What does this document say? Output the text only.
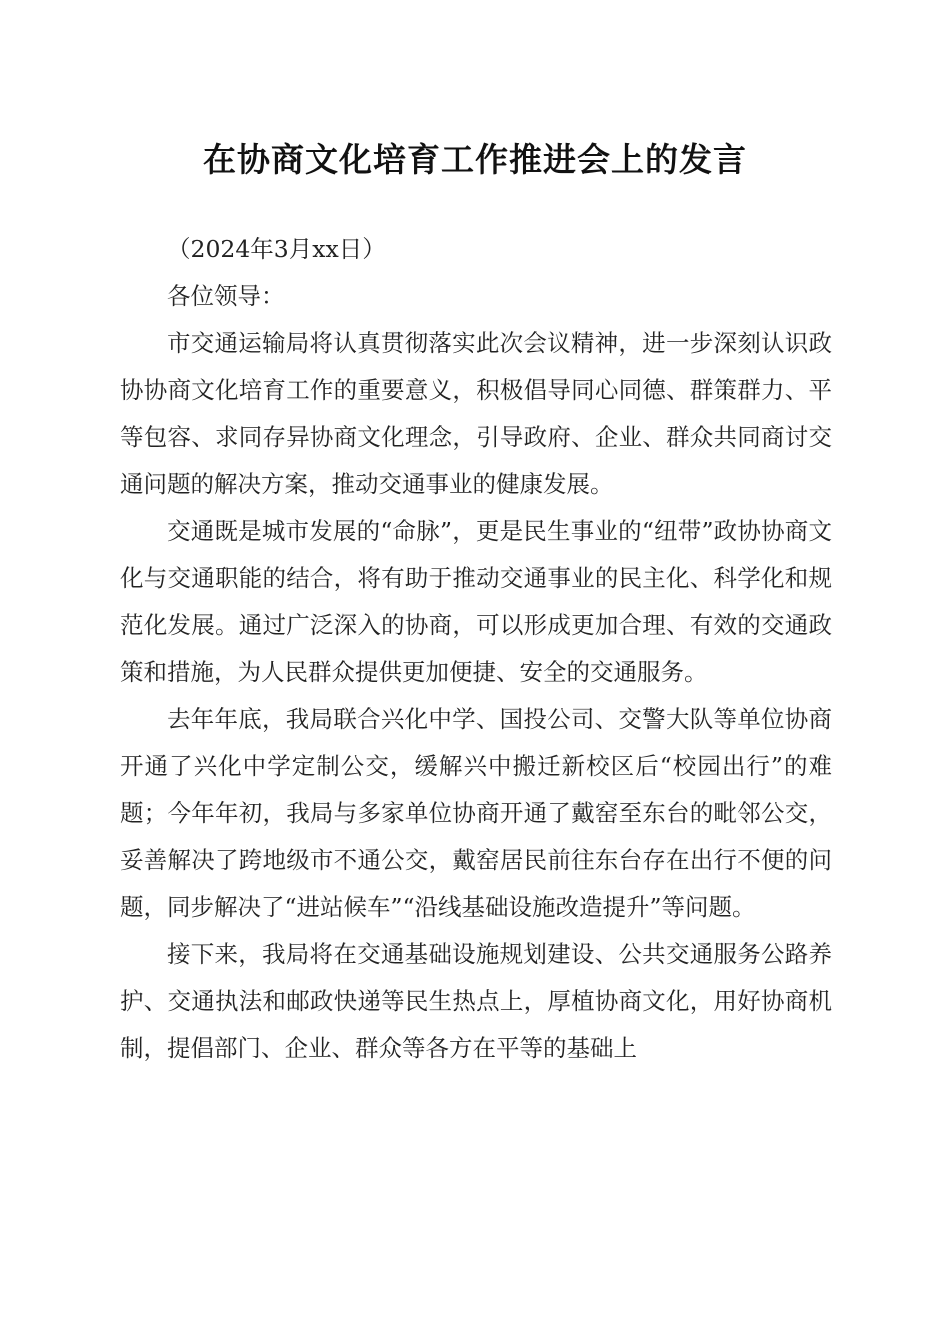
在协商文化培育工作推进会上的发言

（2024年3月xx日）

各位领导：

市交通运输局将认真贯彻落实此次会议精神，进一步深刻认识政协协商文化培育工作的重要意义，积极倡导同心同德、群策群力、平等包容、求同存异协商文化理念，引导政府、企业、群众共同商讨交通问题的解决方案，推动交通事业的健康发展。

交通既是城市发展的“命脉”，更是民生事业的“纽带”政协协商文化与交通职能的结合，将有助于推动交通事业的民主化、科学化和规范化发展。通过广泛深入的协商，可以形成更加合理、有效的交通政策和措施，为人民群众提供更加便捷、安全的交通服务。

去年年底，我局联合兴化中学、国投公司、交警大队等单位协商开通了兴化中学定制公交，缓解兴中搬迁新校区后“校园出行”的难题；今年年初，我局与多家单位协商开通了戴窑至东台的毗邻公交，妥善解决了跨地级市不通公交，戴窑居民前往东台存在出行不便的问题，同步解决了“进站候车”“沿线基础设施改造提升”等问题。

接下来，我局将在交通基础设施规划建设、公共交通服务公路养护、交通执法和邮政快递等民生热点上，厚植协商文化，用好协商机制，提倡部门、企业、群众等各方在平等的基础上
